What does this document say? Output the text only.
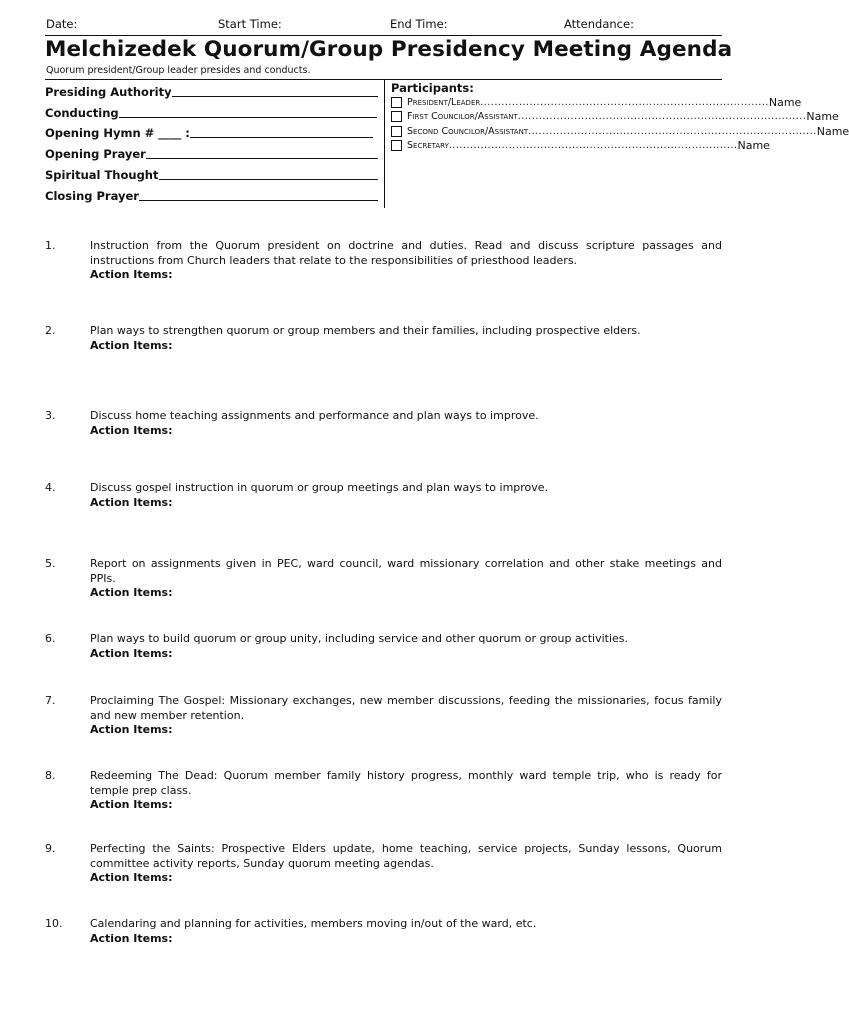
Date:	Start Time:	End Time:	Attendance:
Melchizedek Quorum/Group Presidency Meeting Agenda
Quorum president/Group leader presides and conducts.
Presiding Authority
Conducting
Opening Hymn # ____ :
Opening Prayer
Spiritual Thought
Closing Prayer
Participants:
President/Leader .................................................................................. Name
First Councilor/Assistant .................................................................................. Name
Second Councilor/Assistant .................................................................................. Name
Secretary .................................................................................. Name
1.	Instruction from the Quorum president on doctrine and duties. Read and discuss scripture passages and instructions from Church leaders that relate to the responsibilities of priesthood leaders.
Action Items:
2.	Plan ways to strengthen quorum or group members and their families, including prospective elders.
Action Items:
3.	Discuss home teaching assignments and performance and plan ways to improve.
Action Items:
4.	Discuss gospel instruction in quorum or group meetings and plan ways to improve.
Action Items:
5.	Report on assignments given in PEC, ward council, ward missionary correlation and other stake meetings and PPIs.
Action Items:
6.	Plan ways to build quorum or group unity, including service and other quorum or group activities.
Action Items:
7.	Proclaiming The Gospel: Missionary exchanges, new member discussions, feeding the missionaries, focus family and new member retention.
Action Items:
8.	Redeeming The Dead: Quorum member family history progress, monthly ward temple trip, who is ready for temple prep class.
Action Items:
9.	Perfecting the Saints: Prospective Elders update, home teaching, service projects, Sunday lessons, Quorum committee activity reports, Sunday quorum meeting agendas.
Action Items:
10.	Calendaring and planning for activities, members moving in/out of the ward, etc.
Action Items:
